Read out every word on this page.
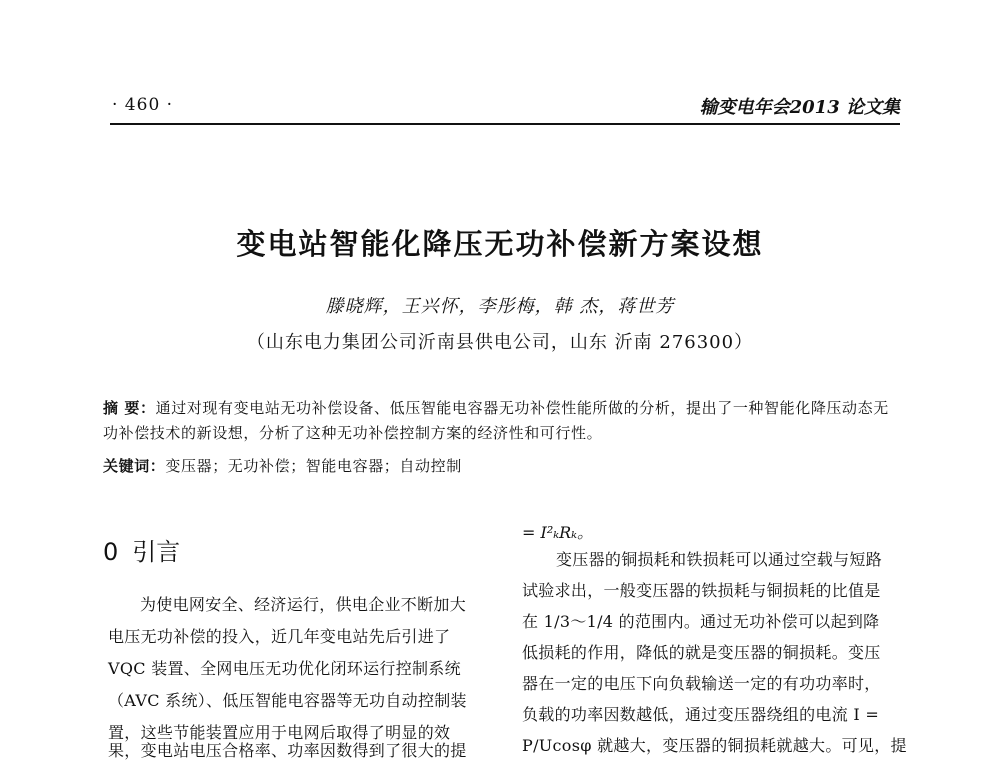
· 460 ·	输变电年会2013 论文集
变电站智能化降压无功补偿新方案设想
滕晓辉，王兴怀，李彤梅，韩 杰，蒋世芳
（山东电力集团公司沂南县供电公司，山东 沂南 276300）
摘 要：通过对现有变电站无功补偿设备、低压智能电容器无功补偿性能所做的分析，提出了一种智能化降压动态无功补偿技术的新设想，分析了这种无功补偿控制方案的经济性和可行性。
关键词：变压器；无功补偿；智能电容器；自动控制
0 引言
= I²ₖRₖ。
为使电网安全、经济运行，供电企业不断加大
电压无功补偿的投入，近几年变电站先后引进了
VQC 装置、全网电压无功优化闭环运行控制系统
（AVC 系统）、低压智能电容器等无功自动控制装
置，这些节能装置应用于电网后取得了明显的效
果，变电站电压合格率、功率因数得到了很大的提
变压器的铜损耗和铁损耗可以通过空载与短路
试验求出，一般变压器的铁损耗与铜损耗的比值是
在 1/3～1/4 的范围内。通过无功补偿可以起到降
低损耗的作用，降低的就是变压器的铜损耗。变压
器在一定的电压下向负载输送一定的有功功率时，
负载的功率因数越低，通过变压器绕组的电流 I =
P/Ucosφ 就越大，变压器的铜损耗就越大。可见，提
